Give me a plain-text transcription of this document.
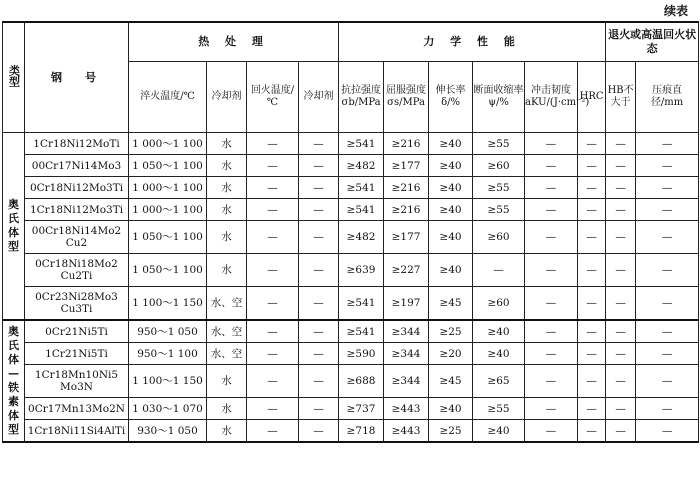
续表
类型	钢　号	热 处 理				力 学 性 能						退火或高温回火状态	
		淬火温度/℃	冷却剂	回火温度/℃	冷却剂	抗拉强度σb/MPa	屈服强度σs/MPa	伸长率δ/%	断面收缩率ψ/%	冲击韧度aKU/(J·cm⁻²)	HRC	HB不大于	压痕直径/mm
奥氏体型	1Cr18Ni12MoTi	1 000～1 100	水	—	—	≥541	≥216	≥40	≥55	—	—	—	—
	00Cr17Ni14Mo3	1 050～1 100	水	—	—	≥482	≥177	≥40	≥60	—	—	—	—
	0Cr18Ni12Mo3Ti	1 000～1 100	水	—	—	≥541	≥216	≥40	≥55	—	—	—	—
	1Cr18Ni12Mo3Ti	1 000～1 100	水	—	—	≥541	≥216	≥40	≥55	—	—	—	—
	00Cr18Ni14Mo2 Cu2	1 050～1 100	水	—	—	≥482	≥177	≥40	≥60	—	—	—	—
	0Cr18Ni18Mo2 Cu2Ti	1 050～1 100	水	—	—	≥639	≥227	≥40	—	—	—	—	—
	0Cr23Ni28Mo3 Cu3Ti	1 100～1 150	水、空	—	—	≥541	≥197	≥45	≥60	—	—	—	—
奥氏体—铁素体型	0Cr21Ni5Ti	950～1 050	水、空	—	—	≥541	≥344	≥25	≥40	—	—	—	—
	1Cr21Ni5Ti	950～1 100	水、空	—	—	≥590	≥344	≥20	≥40	—	—	—	—
	1Cr18Mn10Ni5 Mo3N	1 100～1 150	水	—	—	≥688	≥344	≥45	≥65	—	—	—	—
	0Cr17Mn13Mo2N	1 030～1 070	水	—	—	≥737	≥443	≥40	≥55	—	—	—	—
	1Cr18Ni11Si4AlTi	930～1 050	水	—	—	≥718	≥443	≥25	≥40	—	—	—	—
